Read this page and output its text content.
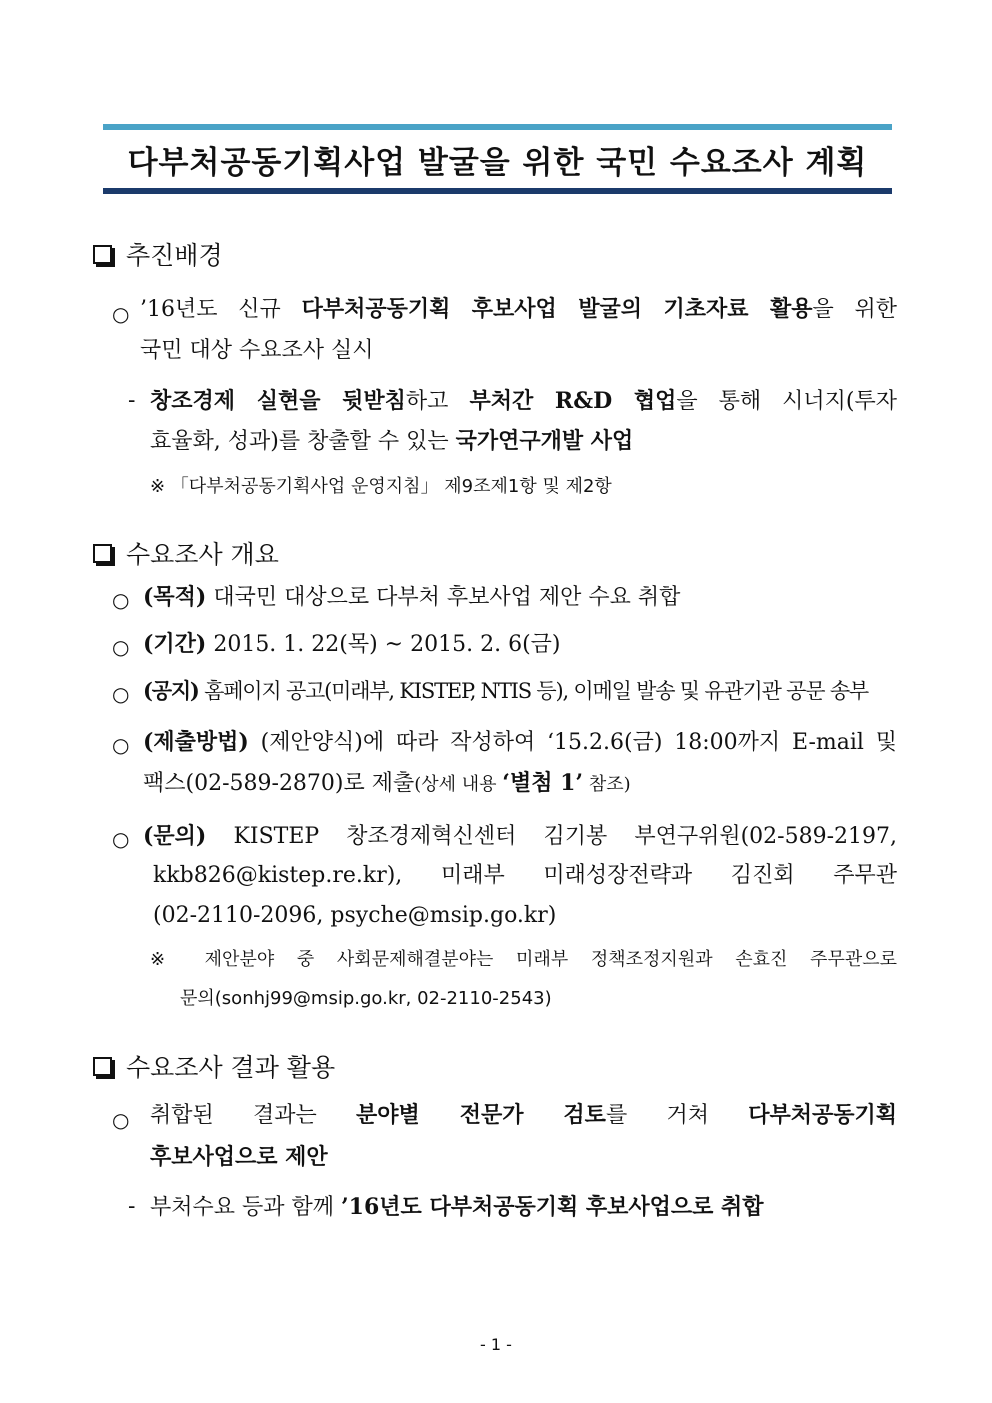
다부처공동기획사업 발굴을 위한 국민 수요조사 계획
추진배경
○ ’16년도 신규 다부처공동기획 후보사업 발굴의 기초자료 활용을 위한
국민 대상 수요조사 실시
- 창조경제 실현을 뒷받침하고 부처간 R&D 협업을 통해 시너지(투자
효율화, 성과)를 창출할 수 있는 국가연구개발 사업
※ 「다부처공동기획사업 운영지침」 제9조제1항 및 제2항
수요조사 개요
○ (목적) 대국민 대상으로 다부처 후보사업 제안 수요 취합
○ (기간) 2015. 1. 22(목) ~ 2015. 2. 6(금)
○ (공지) 홈페이지 공고(미래부, KISTEP, NTIS 등), 이메일 발송 및 유관기관 공문 송부
○ (제출방법) (제안양식)에 따라 작성하여 ‘15.2.6(금) 18:00까지 E-mail 및
팩스(02-589-2870)로 제출(상세 내용 ‘별첨 1’ 참조)
○ (문의) KISTEP 창조경제혁신센터 김기봉 부연구위원(02-589-2197,
kkb826@kistep.re.kr), 미래부 미래성장전략과 김진회 주무관
(02-2110-2096, psyche@msip.go.kr)
※ 제안분야 중 사회문제해결분야는 미래부 정책조정지원과 손효진 주무관으로
문의(sonhj99@msip.go.kr, 02-2110-2543)
수요조사 결과 활용
○ 취합된 결과는 분야별 전문가 검토를 거쳐 다부처공동기획
후보사업으로 제안
- 부처수요 등과 함께 ’16년도 다부처공동기획 후보사업으로 취합
- 1 -
